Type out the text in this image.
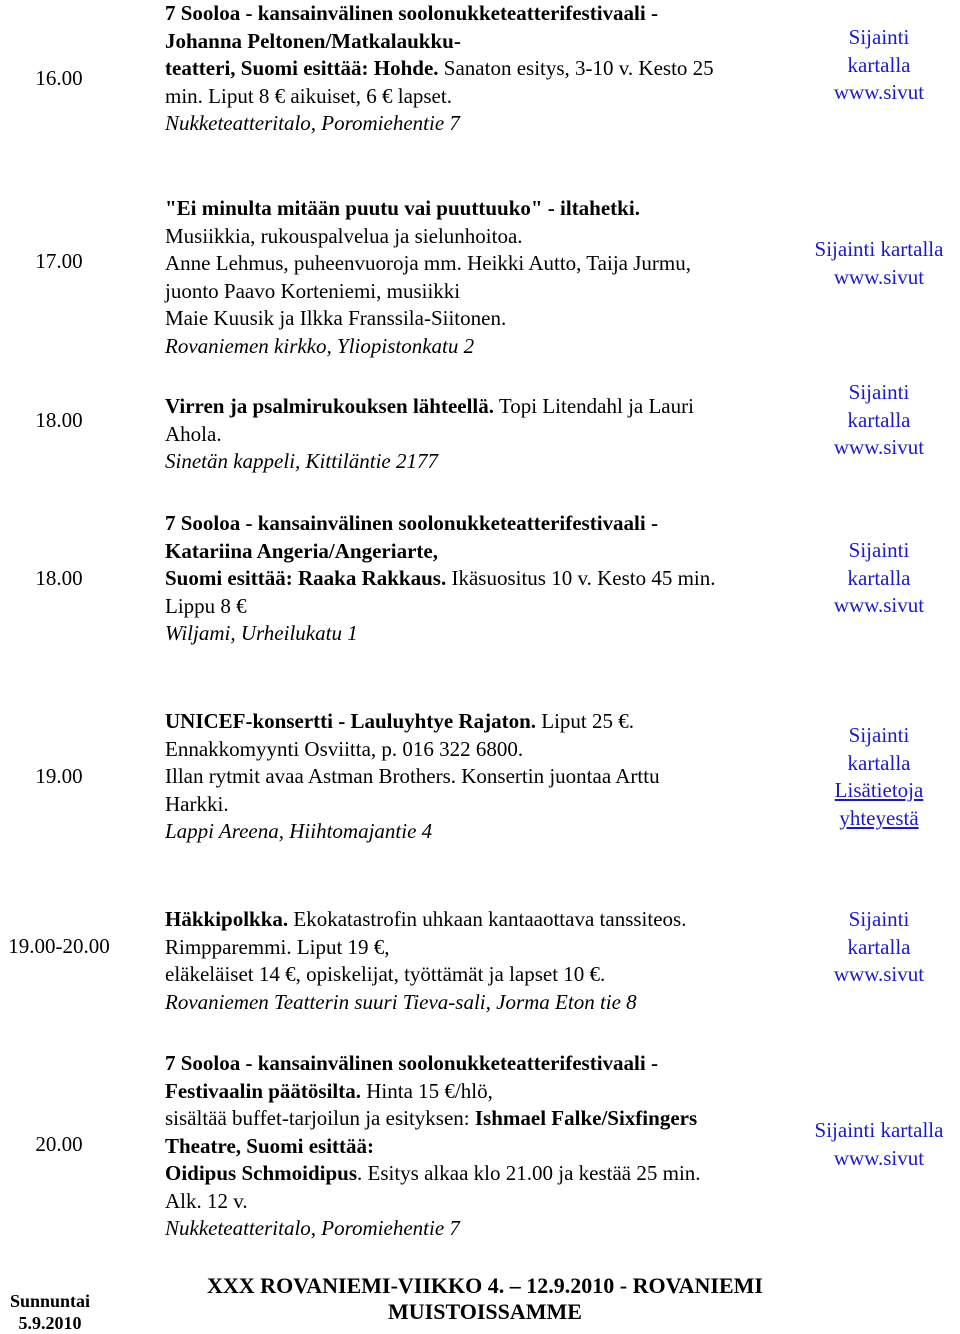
16.00
7 Sooloa - kansainvälinen soolonukketeatterifestivaali -
Johanna Peltonen/Matkalaukku-
teatteri, Suomi esittää: Hohde. Sanaton esitys, 3-10 v. Kesto 25
min. Liput 8 € aikuiset, 6 € lapset.
Nukketeatteritalo, Poromiehentie 7
Sijainti
kartalla
www.sivut
17.00
"Ei minulta mitään puutu vai puuttuuko" - iltahetki.
Musiikkia, rukouspalvelua ja sielunhoitoa.
Anne Lehmus, puheenvuoroja mm. Heikki Autto, Taija Jurmu,
juonto Paavo Korteniemi, musiikki
Maie Kuusik ja Ilkka Franssila-Siitonen.
Rovaniemen kirkko, Yliopistonkatu 2
Sijainti kartalla
www.sivut
18.00
Virren ja psalmirukouksen lähteellä. Topi Litendahl ja Lauri
Ahola.
Sinetän kappeli, Kittiläntie 2177
Sijainti
kartalla
www.sivut
18.00
7 Sooloa - kansainvälinen soolonukketeatterifestivaali -
Katariina Angeria/Angeriarte,
Suomi esittää: Raaka Rakkaus. Ikäsuositus 10 v. Kesto 45 min.
Lippu 8 €
Wiljami, Urheilukatu 1
Sijainti
kartalla
www.sivut
19.00
UNICEF-konsertti - Lauluyhtye Rajaton. Liput 25 €.
Ennakkomyynti Osviitta, p. 016 322 6800.
Illan rytmit avaa Astman Brothers. Konsertin juontaa Arttu
Harkki.
Lappi Areena, Hiihtomajantie 4
Sijainti
kartalla
Lisätietoja
yhteyestä
19.00-20.00
Häkkipolkka. Ekokatastrofin uhkaan kantaaottava tanssiteos.
Rimpparemmi. Liput 19 €,
eläkeläiset 14 €, opiskelijat, työttämät ja lapset 10 €.
Rovaniemen Teatterin suuri Tieva-sali, Jorma Eton tie 8
Sijainti
kartalla
www.sivut
20.00
7 Sooloa - kansainvälinen soolonukketeatterifestivaali -
Festivaalin päätösilta. Hinta 15 €/hlö,
sisältää buffet-tarjoilun ja esityksen: Ishmael Falke/Sixfingers
Theatre, Suomi esittää:
Oidipus Schmoidipus. Esitys alkaa klo 21.00 ja kestää 25 min.
Alk. 12 v.
Nukketeatteritalo, Poromiehentie 7
Sijainti kartalla
www.sivut
Sunnuntai
5.9.2010
XXX ROVANIEMI-VIIKKO 4. – 12.9.2010 - ROVANIEMI
MUISTOISSAMME
